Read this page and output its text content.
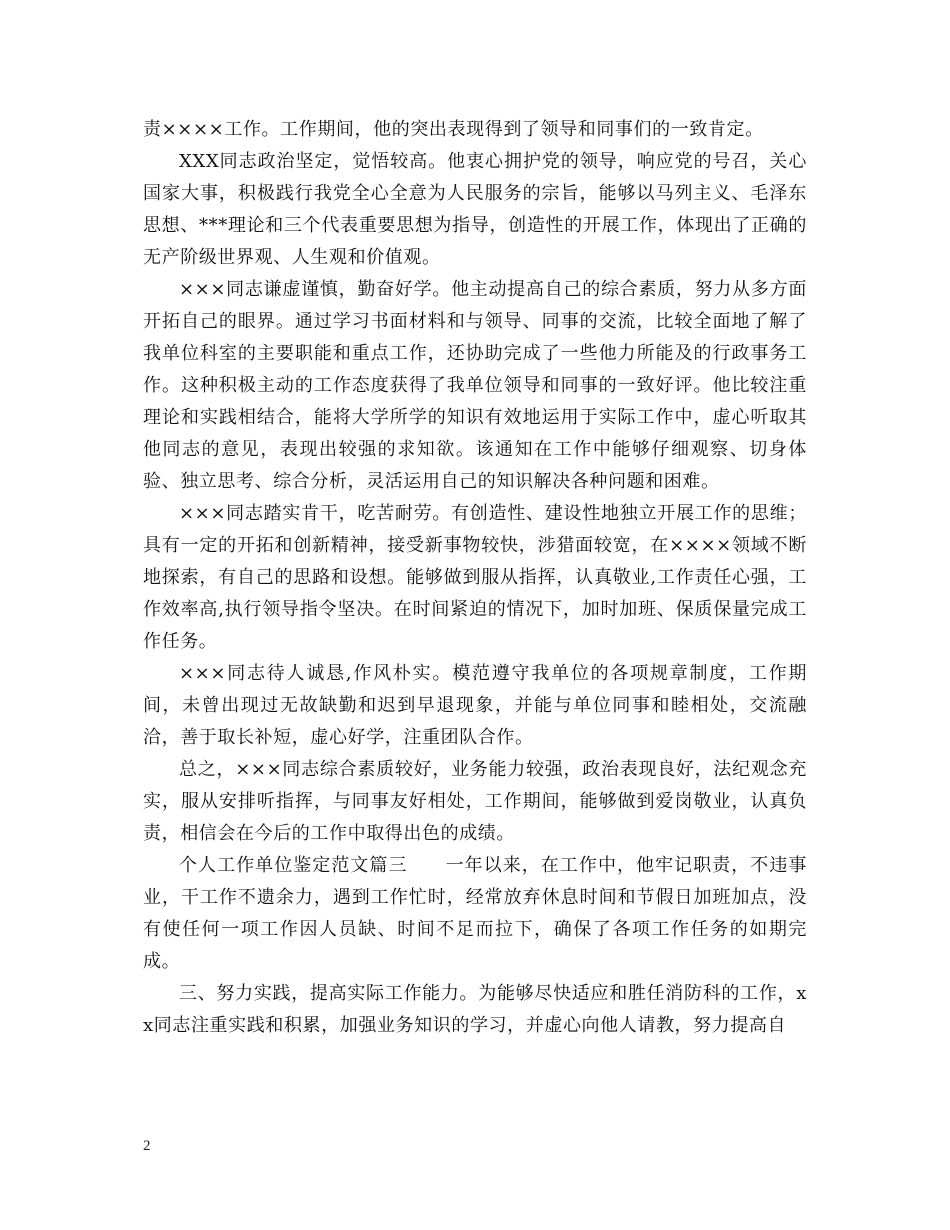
责××××工作。工作期间，他的突出表现得到了领导和同事们的一致肯定。

XXX同志政治坚定，觉悟较高。他衷心拥护党的领导，响应党的号召，关心国家大事，积极践行我党全心全意为人民服务的宗旨，能够以马列主义、毛泽东思想、***理论和三个代表重要思想为指导，创造性的开展工作，体现出了正确的无产阶级世界观、人生观和价值观。

×××同志谦虚谨慎，勤奋好学。他主动提高自己的综合素质，努力从多方面开拓自己的眼界。通过学习书面材料和与领导、同事的交流，比较全面地了解了我单位科室的主要职能和重点工作，还协助完成了一些他力所能及的行政事务工作。这种积极主动的工作态度获得了我单位领导和同事的一致好评。他比较注重理论和实践相结合，能将大学所学的知识有效地运用于实际工作中，虚心听取其他同志的意见，表现出较强的求知欲。该通知在工作中能够仔细观察、切身体验、独立思考、综合分析，灵活运用自己的知识解决各种问题和困难。

×××同志踏实肯干，吃苦耐劳。有创造性、建设性地独立开展工作的思维；具有一定的开拓和创新精神，接受新事物较快，涉猎面较宽，在××××领域不断地探索，有自己的思路和设想。能够做到服从指挥，认真敬业,工作责任心强，工作效率高,执行领导指令坚决。在时间紧迫的情况下，加时加班、保质保量完成工作任务。

×××同志待人诚恳,作风朴实。模范遵守我单位的各项规章制度，工作期间，未曾出现过无故缺勤和迟到早退现象，并能与单位同事和睦相处，交流融洽，善于取长补短，虚心好学，注重团队合作。

总之，×××同志综合素质较好，业务能力较强，政治表现良好，法纪观念充实，服从安排听指挥，与同事友好相处，工作期间，能够做到爱岗敬业，认真负责，相信会在今后的工作中取得出色的成绩。

个人工作单位鉴定范文篇三　　一年以来，在工作中，他牢记职责，不违事业，干工作不遗余力，遇到工作忙时，经常放弃休息时间和节假日加班加点，没有使任何一项工作因人员缺、时间不足而拉下，确保了各项工作任务的如期完成。

三、努力实践，提高实际工作能力。为能够尽快适应和胜任消防科的工作，xx同志注重实践和积累，加强业务知识的学习，并虚心向他人请教，努力提高自

2
